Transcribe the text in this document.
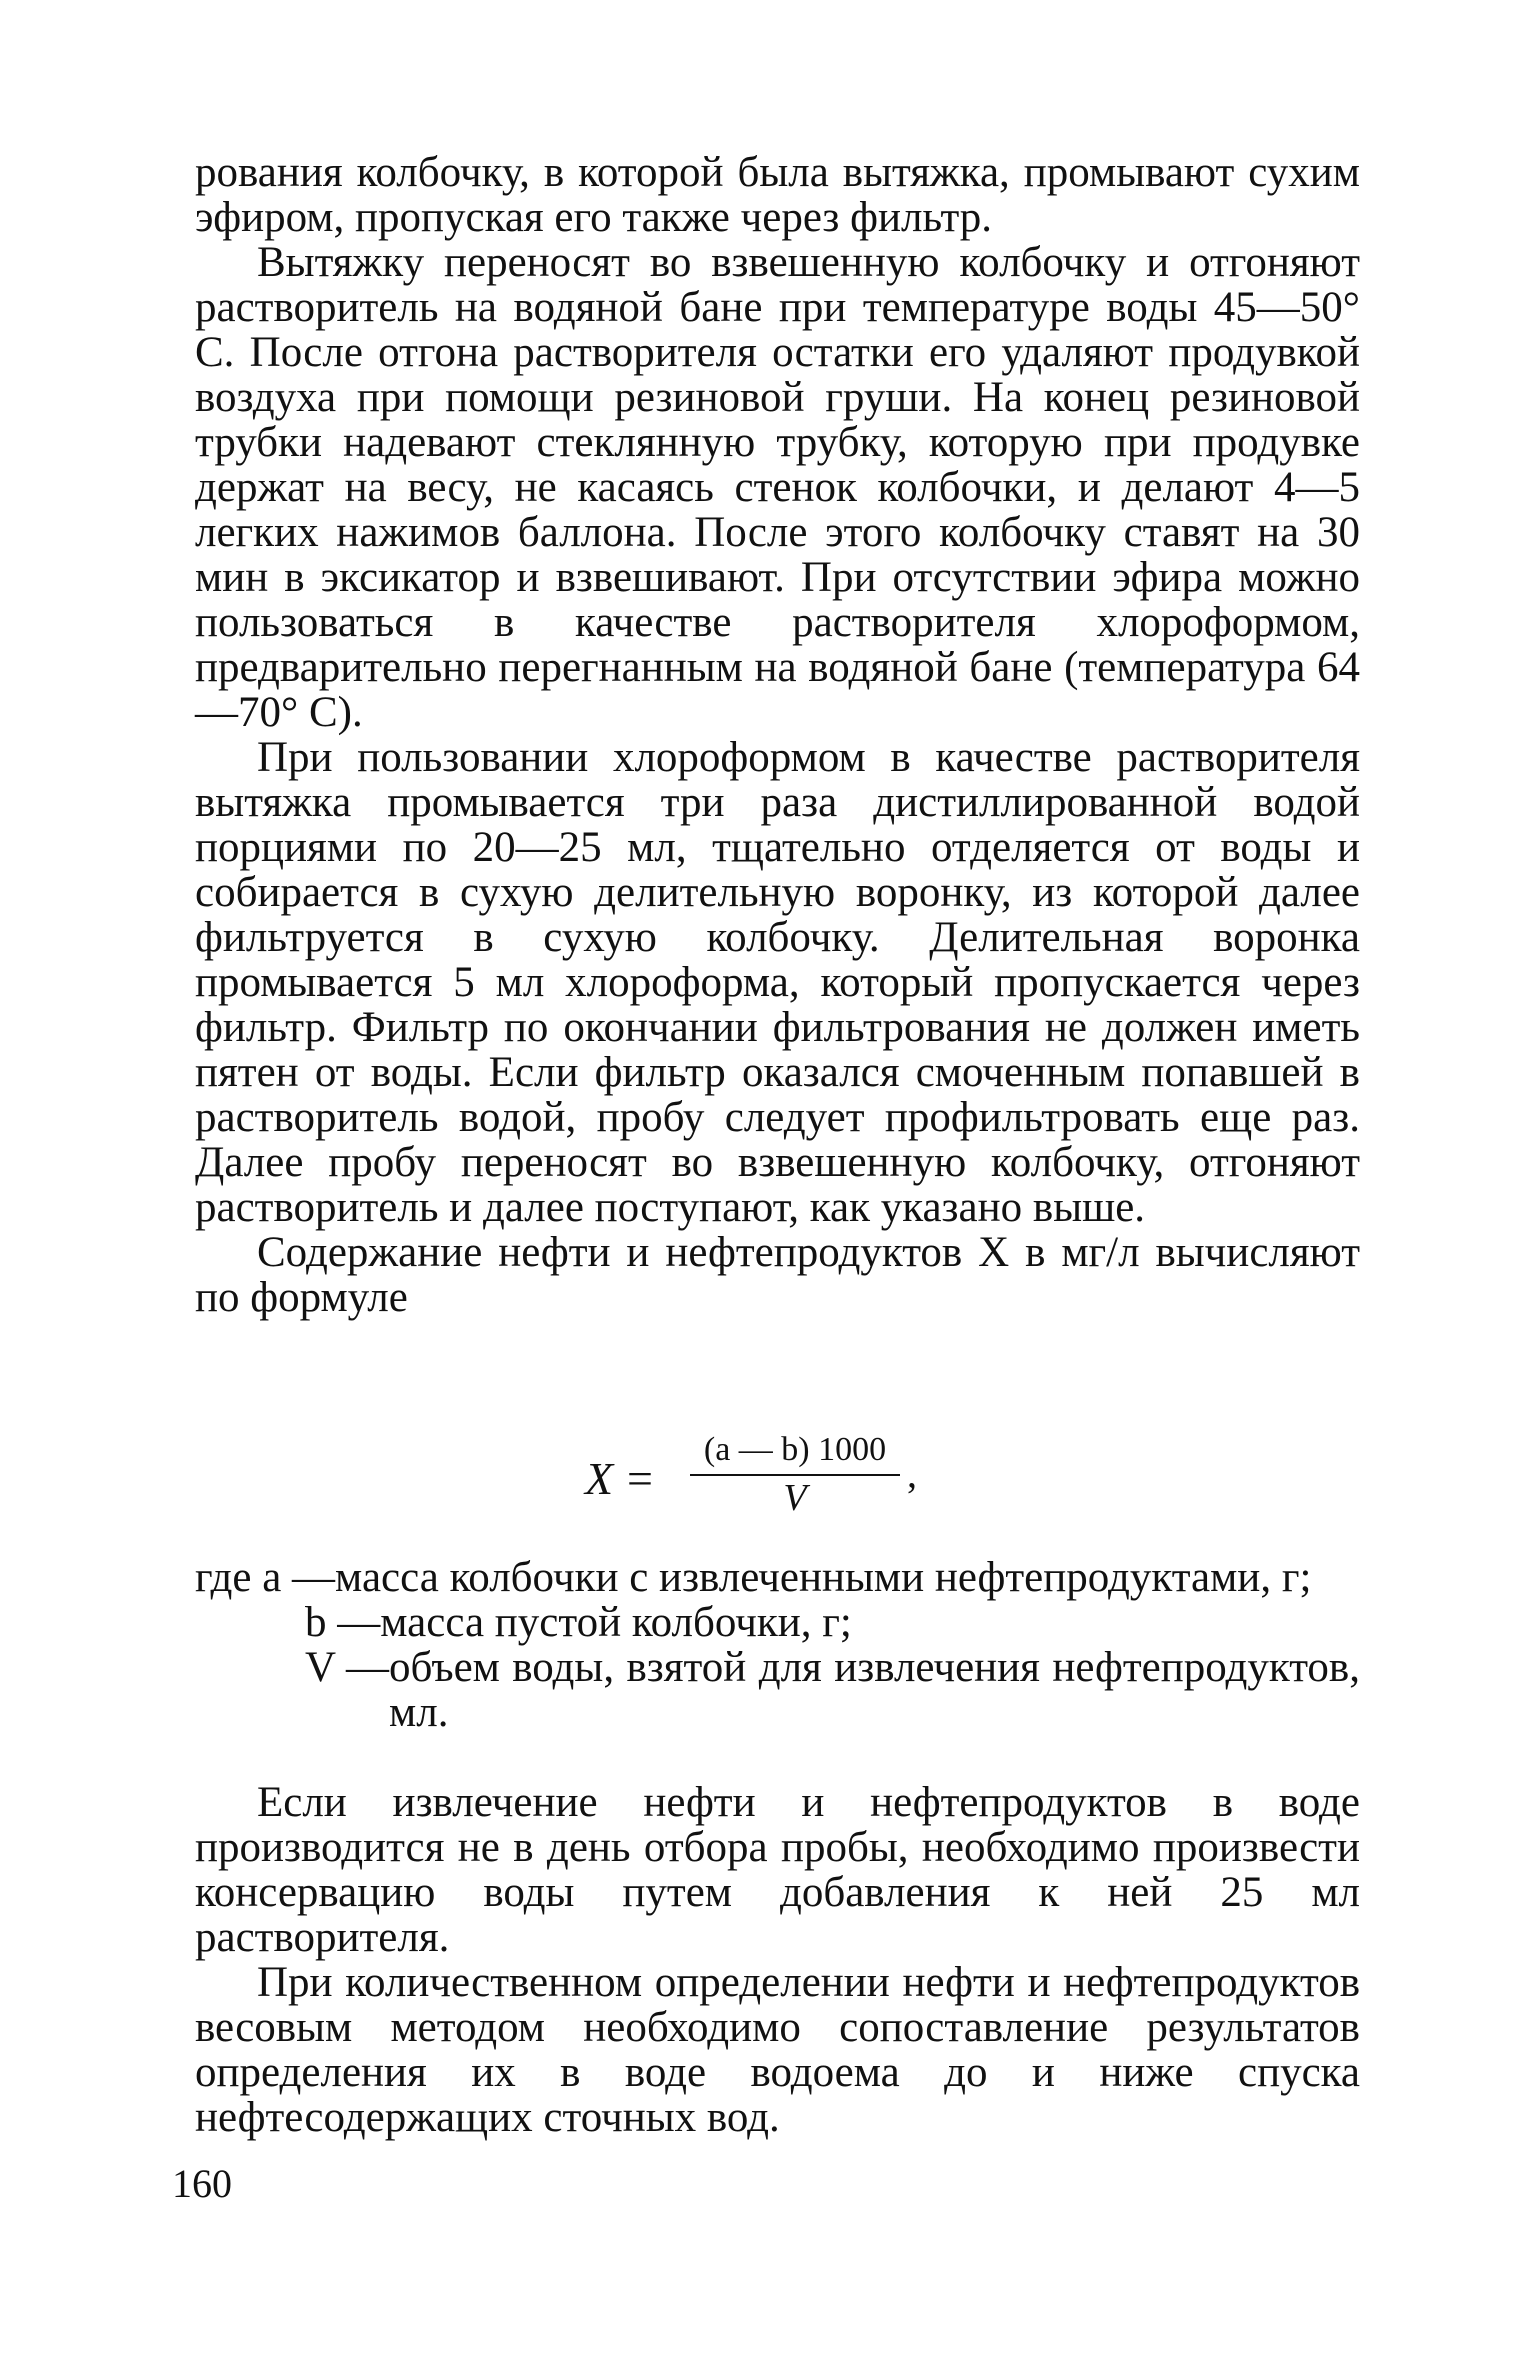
рования колбочку, в которой была вытяжка, промывают сухим эфиром, пропуская его также через фильтр.

Вытяжку переносят во взвешенную колбочку и отгоняют растворитель на водяной бане при температуре воды 45—50° С. После отгона растворителя остатки его удаляют продувкой воздуха при помощи резиновой груши. На конец резиновой трубки надевают стеклянную трубку, которую при продувке держат на весу, не касаясь стенок колбочки, и делают 4—5 легких нажимов баллона. После этого колбочку ставят на 30 мин в эксикатор и взвешивают. При отсутствии эфира можно пользоваться в качестве растворителя хлороформом, предварительно перегнанным на водяной бане (температура 64—70° С).

При пользовании хлороформом в качестве растворителя вытяжка промывается три раза дистиллированной водой порциями по 20—25 мл, тщательно отделяется от воды и собирается в сухую делительную воронку, из которой далее фильтруется в сухую колбочку. Делительная воронка промывается 5 мл хлороформа, который пропускается через фильтр. Фильтр по окончании фильтрования не должен иметь пятен от воды. Если фильтр оказался смоченным попавшей в растворитель водой, пробу следует профильтровать еще раз. Далее пробу переносят во взвешенную колбочку, отгоняют растворитель и далее поступают, как указано выше.

Содержание нефти и нефтепродуктов X в мг/л вычисляют по формуле

$X = \frac{(a — b) 1000}{V}$ ,
где a — масса колбочки с извлеченными нефтепродуктами, г;
b — масса пустой колбочки, г;
V — объем воды, взятой для извлечения нефтепродуктов, мл.

Если извлечение нефти и нефтепродуктов в воде производится не в день отбора пробы, необходимо произвести консервацию воды путем добавления к ней 25 мл растворителя.

При количественном определении нефти и нефтепродуктов весовым методом необходимо сопоставление результатов определения их в воде водоема до и ниже спуска нефтесодержащих сточных вод.

160
